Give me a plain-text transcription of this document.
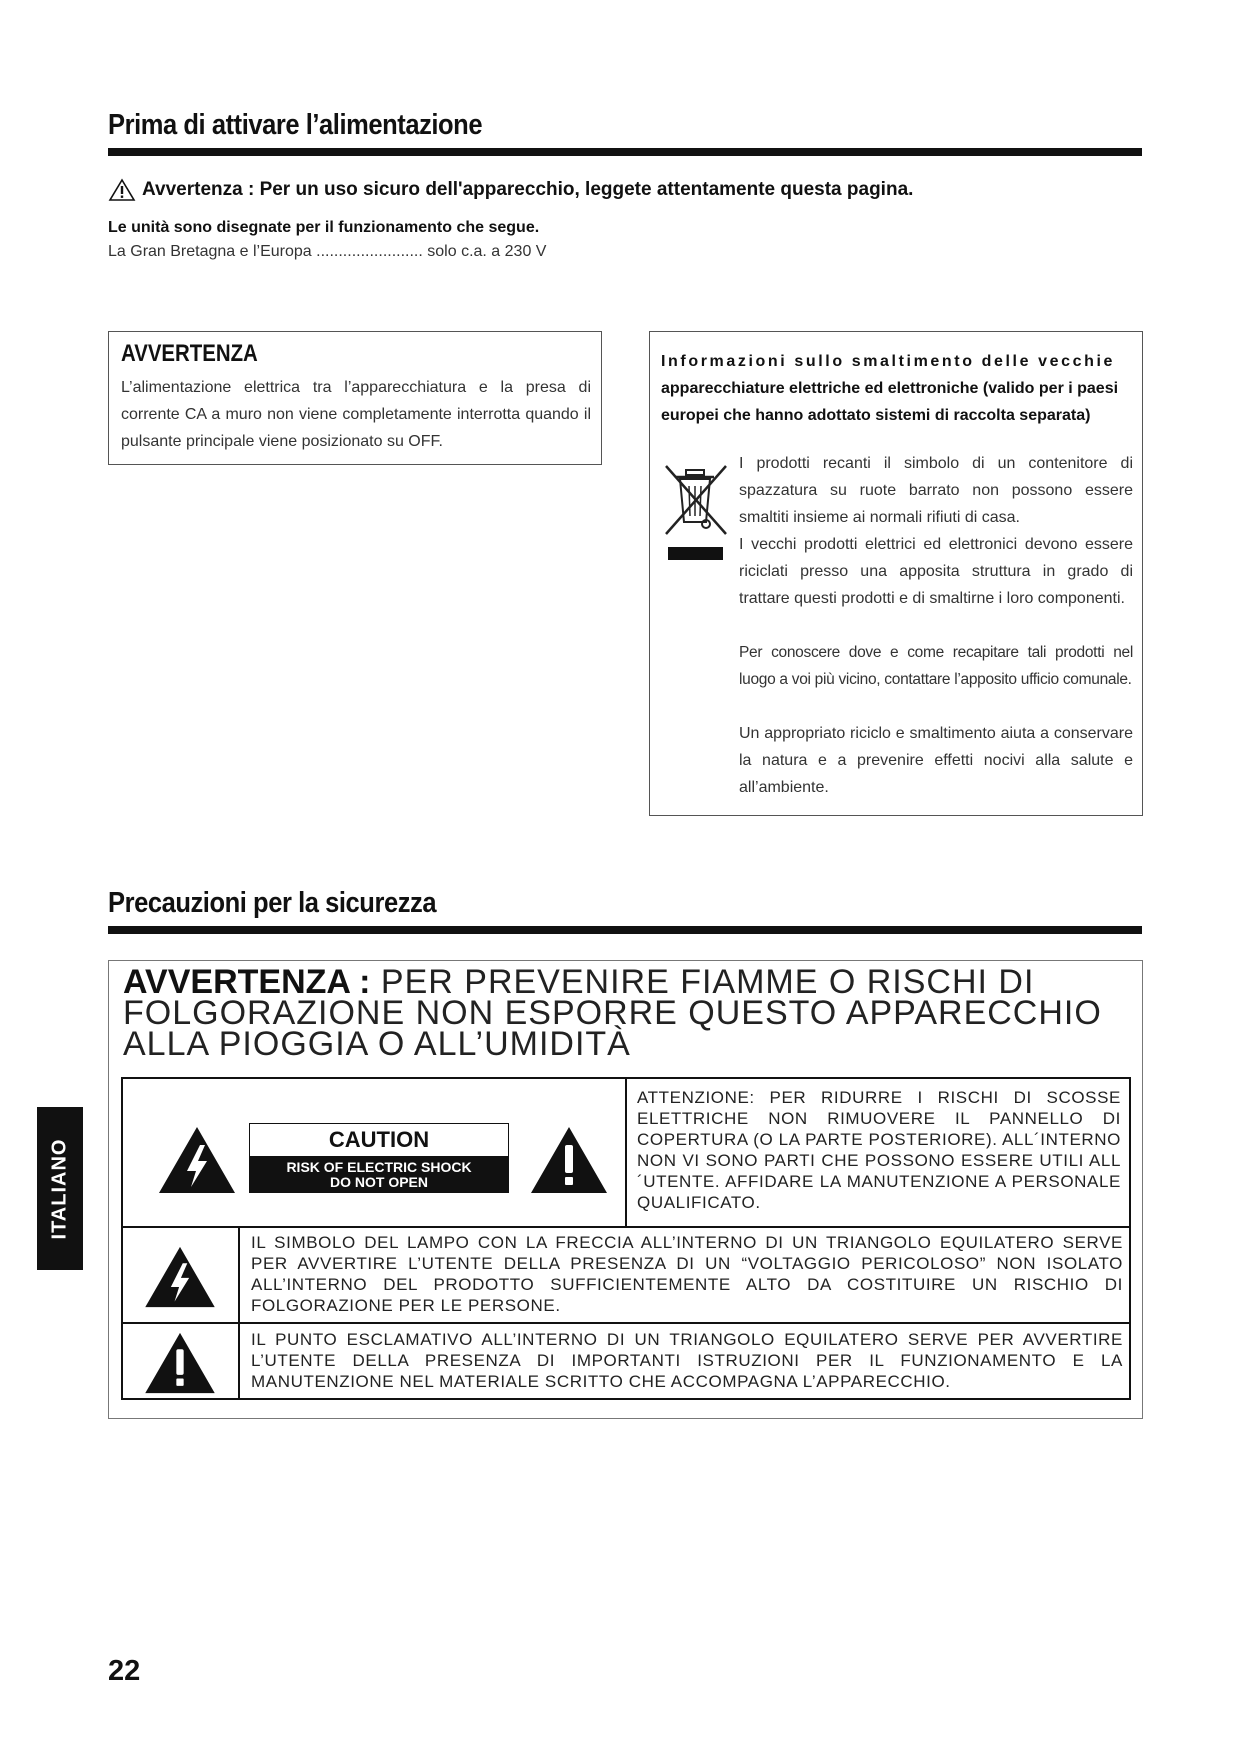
Prima di attivare l’alimentazione
Avvertenza : Per un uso sicuro dell'apparecchio, leggete attentamente questa pagina.
Le unità sono disegnate per il funzionamento che segue.
La Gran Bretagna e l’Europa ........................ solo c.a. a 230 V
AVVERTENZA
L’alimentazione elettrica tra l’apparecchiatura e la presa di corrente CA a muro non viene completamente interrotta quando il pulsante principale viene posizionato su OFF.
Informazioni sullo smaltimento delle vecchie apparecchiature elettriche ed elettroniche (valido per i paesi europei che hanno adottato sistemi di raccolta separata)
I prodotti recanti il simbolo di un contenitore di spazzatura su ruote barrato non possono essere smaltiti insieme ai normali rifiuti di casa.
I vecchi prodotti elettrici ed elettronici devono essere riciclati presso una apposita struttura in grado di trattare questi prodotti e di smaltirne i loro componenti.
Per conoscere dove e come recapitare tali prodotti nel luogo a voi più vicino, contattare l’apposito ufficio comunale.
Un appropriato riciclo e smaltimento aiuta a conservare la natura e a prevenire effetti nocivi alla salute e all’ambiente.
Precauzioni per la sicurezza
AVVERTENZA : PER PREVENIRE FIAMME O RISCHI DI FOLGORAZIONE NON ESPORRE QUESTO APPARECCHIO ALLA PIOGGIA O ALL’UMIDITÀ
CAUTION
RISK OF ELECTRIC SHOCK
DO NOT OPEN
ATTENZIONE: PER RIDURRE I RISCHI DI SCOSSE ELETTRICHE NON RIMUOVERE IL PANNELLO DI COPERTURA (O LA PARTE POSTERIORE). ALL´INTERNO NON VI SONO PARTI CHE POSSONO ESSERE UTILI ALL´UTENTE. AFFIDARE LA MANUTENZIONE A PERSONALE QUALIFICATO.
IL SIMBOLO DEL LAMPO CON LA FRECCIA ALL’INTERNO DI UN TRIANGOLO EQUILATERO SERVE PER AVVERTIRE L’UTENTE DELLA PRESENZA DI UN “VOLTAGGIO PERICOLOSO” NON ISOLATO ALL’INTERNO DEL PRODOTTO SUFFICIENTEMENTE ALTO DA COSTITUIRE UN RISCHIO DI FOLGORAZIONE PER LE PERSONE.
IL PUNTO ESCLAMATIVO ALL’INTERNO DI UN TRIANGOLO EQUILATERO SERVE PER AVVERTIRE L’UTENTE DELLA PRESENZA DI IMPORTANTI ISTRUZIONI PER IL FUNZIONAMENTO E LA MANUTENZIONE NEL MATERIALE SCRITTO CHE ACCOMPAGNA L’APPARECCHIO.
ITALIANO
22
